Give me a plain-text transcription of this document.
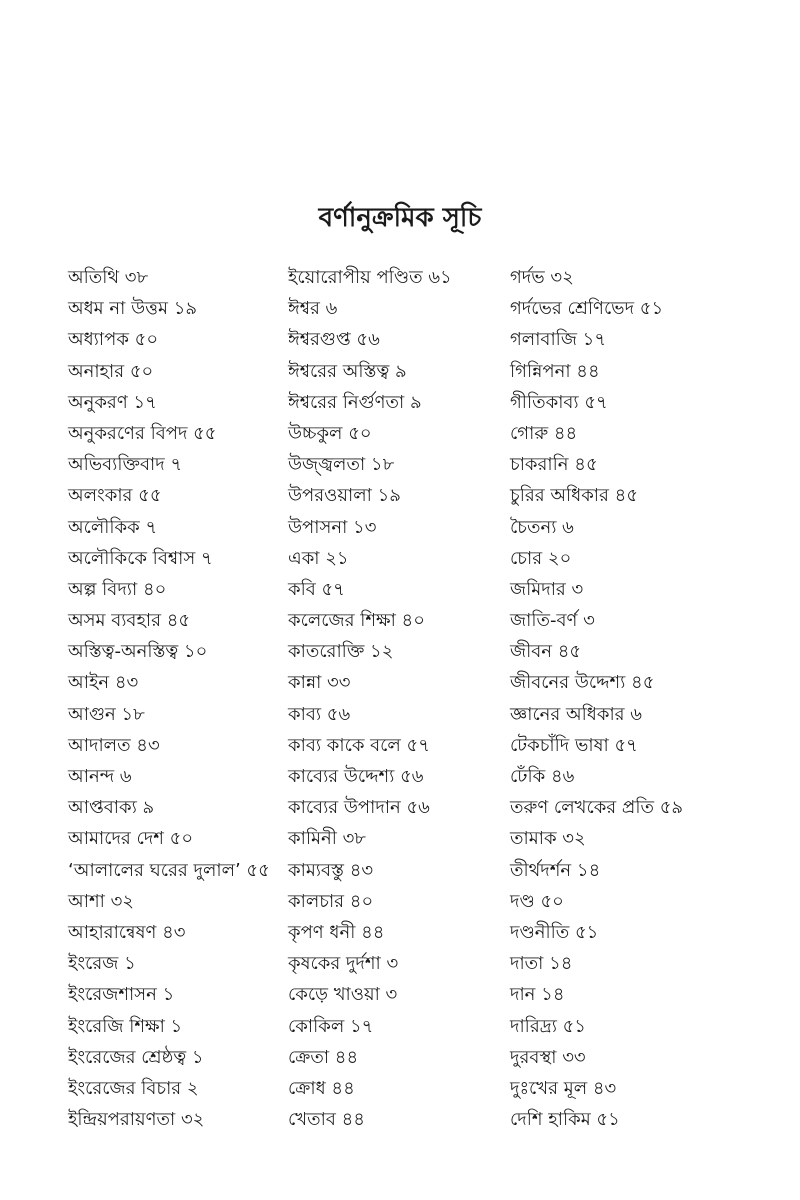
বর্ণানুক্রমিক সূচি
অতিথি ৩৮
অধম না উত্তম ১৯
অধ্যাপক ৫০
অনাহার ৫০
অনুকরণ ১৭
অনুকরণের বিপদ ৫৫
অভিব্যক্তিবাদ ৭
অলংকার ৫৫
অলৌকিক ৭
অলৌকিকে বিশ্বাস ৭
অল্প বিদ্যা ৪০
অসম ব্যবহার ৪৫
অস্তিত্ব-অনস্তিত্ব ১০
আইন ৪৩
আগুন ১৮
আদালত ৪৩
আনন্দ ৬
আপ্তবাক্য ৯
আমাদের দেশ ৫০
‘আলালের ঘরের দুলাল’ ৫৫
আশা ৩২
আহারান্বেষণ ৪৩
ইংরেজ ১
ইংরেজশাসন ১
ইংরেজি শিক্ষা ১
ইংরেজের শ্রেষ্ঠত্ব ১
ইংরেজের বিচার ২
ইন্দ্রিয়পরায়ণতা ৩২
ইয়োরোপীয় পণ্ডিত ৬১
ঈশ্বর ৬
ঈশ্বরগুপ্ত ৫৬
ঈশ্বরের অস্তিত্ব ৯
ঈশ্বরের নির্গুণতা ৯
উচ্চকুল ৫০
উজ্জ্বলতা ১৮
উপরওয়ালা ১৯
উপাসনা ১৩
একা ২১
কবি ৫৭
কলেজের শিক্ষা ৪০
কাতরোক্তি ১২
কান্না ৩৩
কাব্য ৫৬
কাব্য কাকে বলে ৫৭
কাব্যের উদ্দেশ্য ৫৬
কাব্যের উপাদান ৫৬
কামিনী ৩৮
কাম্যবস্তু ৪৩
কালচার ৪০
কৃপণ ধনী ৪৪
কৃষকের দুর্দশা ৩
কেড়ে খাওয়া ৩
কোকিল ১৭
ক্রেতা ৪৪
ক্রোধ ৪৪
খেতাব ৪৪
গর্দভ ৩২
গর্দভের শ্রেণিভেদ ৫১
গলাবাজি ১৭
গিন্নিপনা ৪৪
গীতিকাব্য ৫৭
গোরু ৪৪
চাকরানি ৪৫
চুরির অধিকার ৪৫
চৈতন্য ৬
চোর ২০
জমিদার ৩
জাতি-বর্ণ ৩
জীবন ৪৫
জীবনের উদ্দেশ্য ৪৫
জ্ঞানের অধিকার ৬
টেকচাঁদি ভাষা ৫৭
ঢেঁকি ৪৬
তরুণ লেখকের প্রতি ৫৯
তামাক ৩২
তীর্থদর্শন ১৪
দণ্ড ৫০
দণ্ডনীতি ৫১
দাতা ১৪
দান ১৪
দারিদ্র্য ৫১
দুরবস্থা ৩৩
দুঃখের মূল ৪৩
দেশি হাকিম ৫১
